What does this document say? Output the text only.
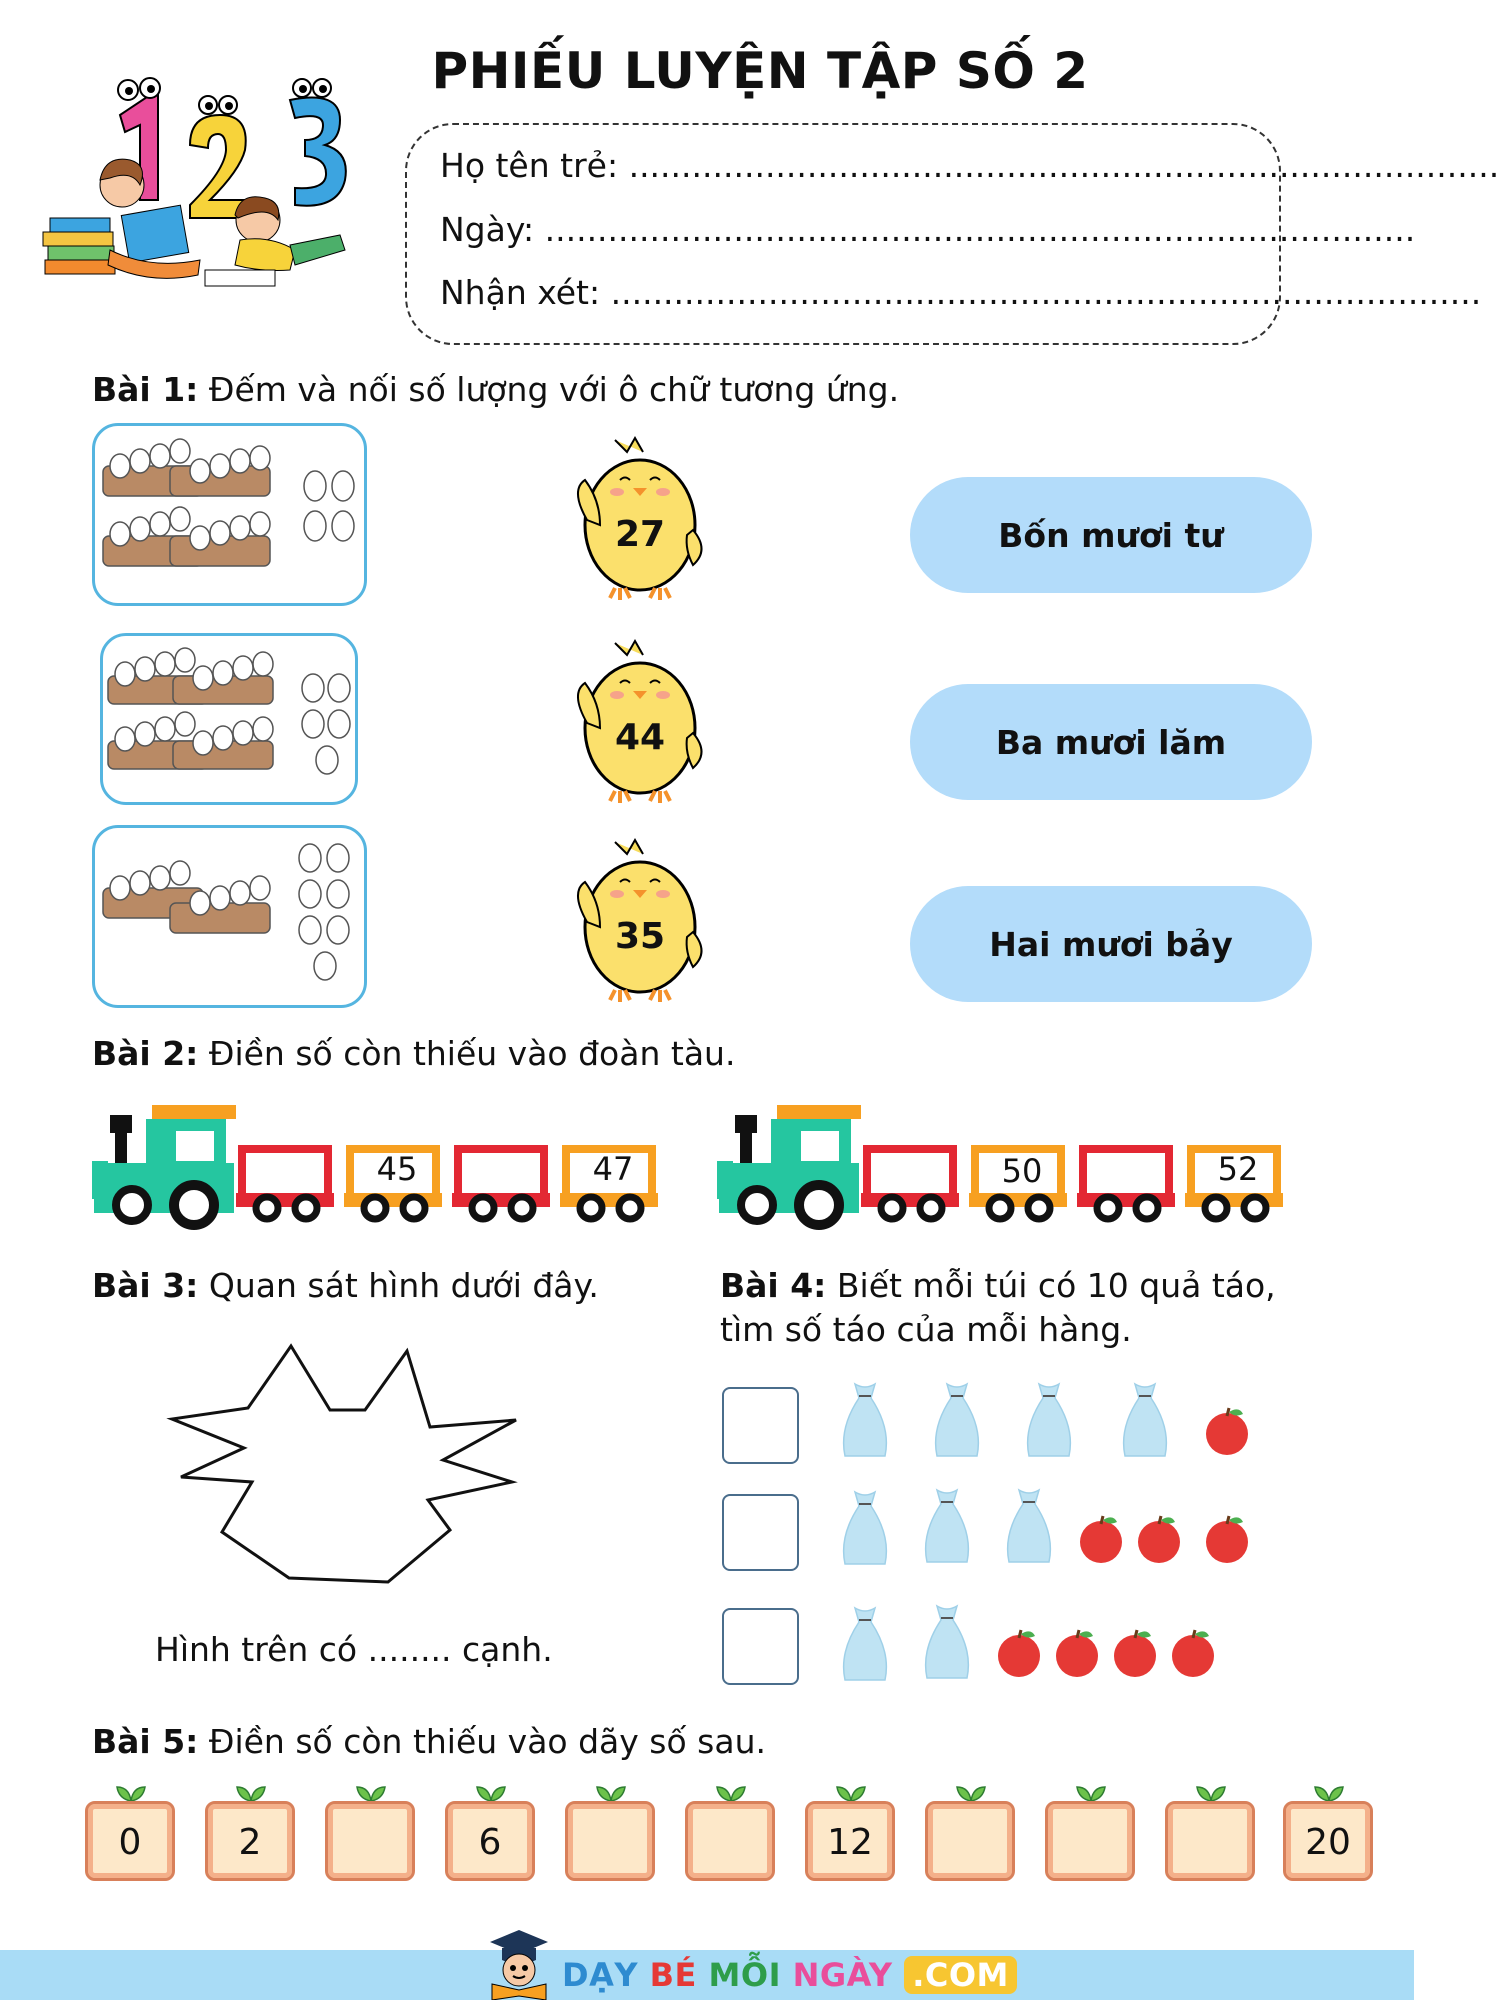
PHIẾU LUYỆN TẬP SỐ 2
Họ tên trẻ: ...................................................................................
Ngày: ...................................................................................
Nhận xét: ...................................................................................
Bài 1: Đếm và nối số lượng với ô chữ tương ứng.
27
44
35
Bốn mươi tư
Ba mươi lăm
Hai mươi bảy
Bài 2: Điền số còn thiếu vào đoàn tàu.
45	47	50	52
Bài 3: Quan sát hình dưới đây.
Hình trên có ........ cạnh.
Bài 4: Biết mỗi túi có 10 quả táo,
tìm số táo của mỗi hàng.
Bài 5: Điền số còn thiếu vào dãy số sau.
0	2	6	12	20
DẠY BÉ MỖI NGÀY .COM
